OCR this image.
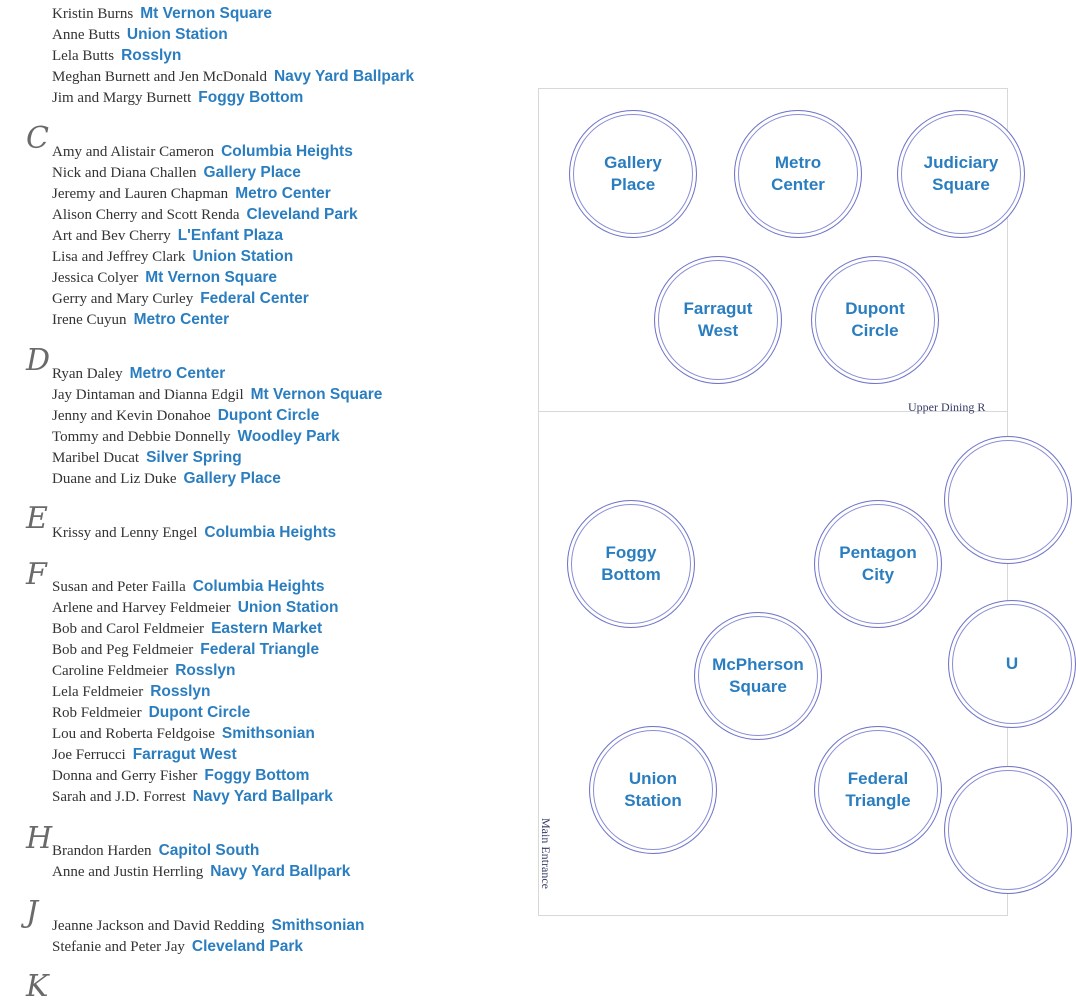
Kristin Burns Mt Vernon Square
Anne Butts Union Station
Lela Butts Rosslyn
Meghan Burnett and Jen McDonald Navy Yard Ballpark
Jim and Margy Burnett Foggy Bottom
C Amy and Alistair Cameron Columbia Heights
Nick and Diana Challen Gallery Place
Jeremy and Lauren Chapman Metro Center
Alison Cherry and Scott Renda Cleveland Park
Art and Bev Cherry L'Enfant Plaza
Lisa and Jeffrey Clark Union Station
Jessica Colyer Mt Vernon Square
Gerry and Mary Curley Federal Center
Irene Cuyun Metro Center
D Ryan Daley Metro Center
Jay Dintaman and Dianna Edgil Mt Vernon Square
Jenny and Kevin Donahoe Dupont Circle
Tommy and Debbie Donnelly Woodley Park
Maribel Ducat Silver Spring
Duane and Liz Duke Gallery Place
E Krissy and Lenny Engel Columbia Heights
F Susan and Peter Failla Columbia Heights
Arlene and Harvey Feldmeier Union Station
Bob and Carol Feldmeier Eastern Market
Bob and Peg Feldmeier Federal Triangle
Caroline Feldmeier Rosslyn
Lela Feldmeier Rosslyn
Rob Feldmeier Dupont Circle
Lou and Roberta Feldgoise Smithsonian
Joe Ferrucci Farragut West
Donna and Gerry Fisher Foggy Bottom
Sarah and J.D. Forrest Navy Yard Ballpark
H Brandon Harden Capitol South
Anne and Justin Herrling Navy Yard Ballpark
J Jeanne Jackson and David Redding Smithsonian
Stefanie and Peter Jay Cleveland Park
K
Upper Dining R
Main Entrance
Gallery
Place
Metro
Center
Judiciary
Square
Farragut
West
Dupont
Circle
Foggy
Bottom
Pentagon
City
McPherson
Square
U
Union
Station
Federal
Triangle
